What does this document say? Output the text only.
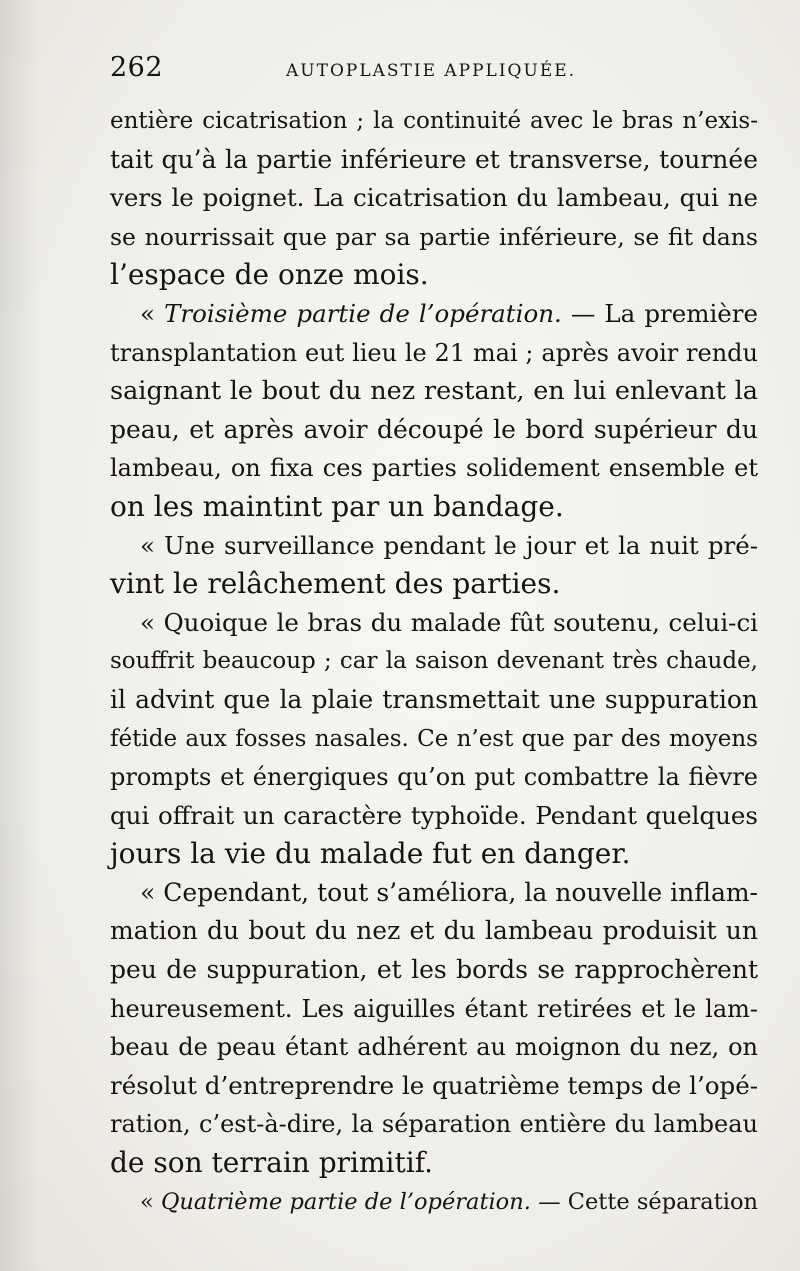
262	AUTOPLASTIE APPLIQUÉE.
entière cicatrisation ; la continuité avec le bras n’exis-
tait qu’à la partie inférieure et transverse, tournée
vers le poignet. La cicatrisation du lambeau, qui ne
se nourrissait que par sa partie inférieure, se fit dans
l’espace de onze mois.
« Troisième partie de l’opération. — La première
transplantation eut lieu le 21 mai ; après avoir rendu
saignant le bout du nez restant, en lui enlevant la
peau, et après avoir découpé le bord supérieur du
lambeau, on fixa ces parties solidement ensemble et
on les maintint par un bandage.
« Une surveillance pendant le jour et la nuit pré-
vint le relâchement des parties.
« Quoique le bras du malade fût soutenu, celui-ci
souffrit beaucoup ; car la saison devenant très chaude,
il advint que la plaie transmettait une suppuration
fétide aux fosses nasales. Ce n’est que par des moyens
prompts et énergiques qu’on put combattre la fièvre
qui offrait un caractère typhoïde. Pendant quelques
jours la vie du malade fut en danger.
« Cependant, tout s’améliora, la nouvelle inflam-
mation du bout du nez et du lambeau produisit un
peu de suppuration, et les bords se rapprochèrent
heureusement. Les aiguilles étant retirées et le lam-
beau de peau étant adhérent au moignon du nez, on
résolut d’entreprendre le quatrième temps de l’opé-
ration, c’est-à-dire, la séparation entière du lambeau
de son terrain primitif.
« Quatrième partie de l’opération. — Cette séparation
